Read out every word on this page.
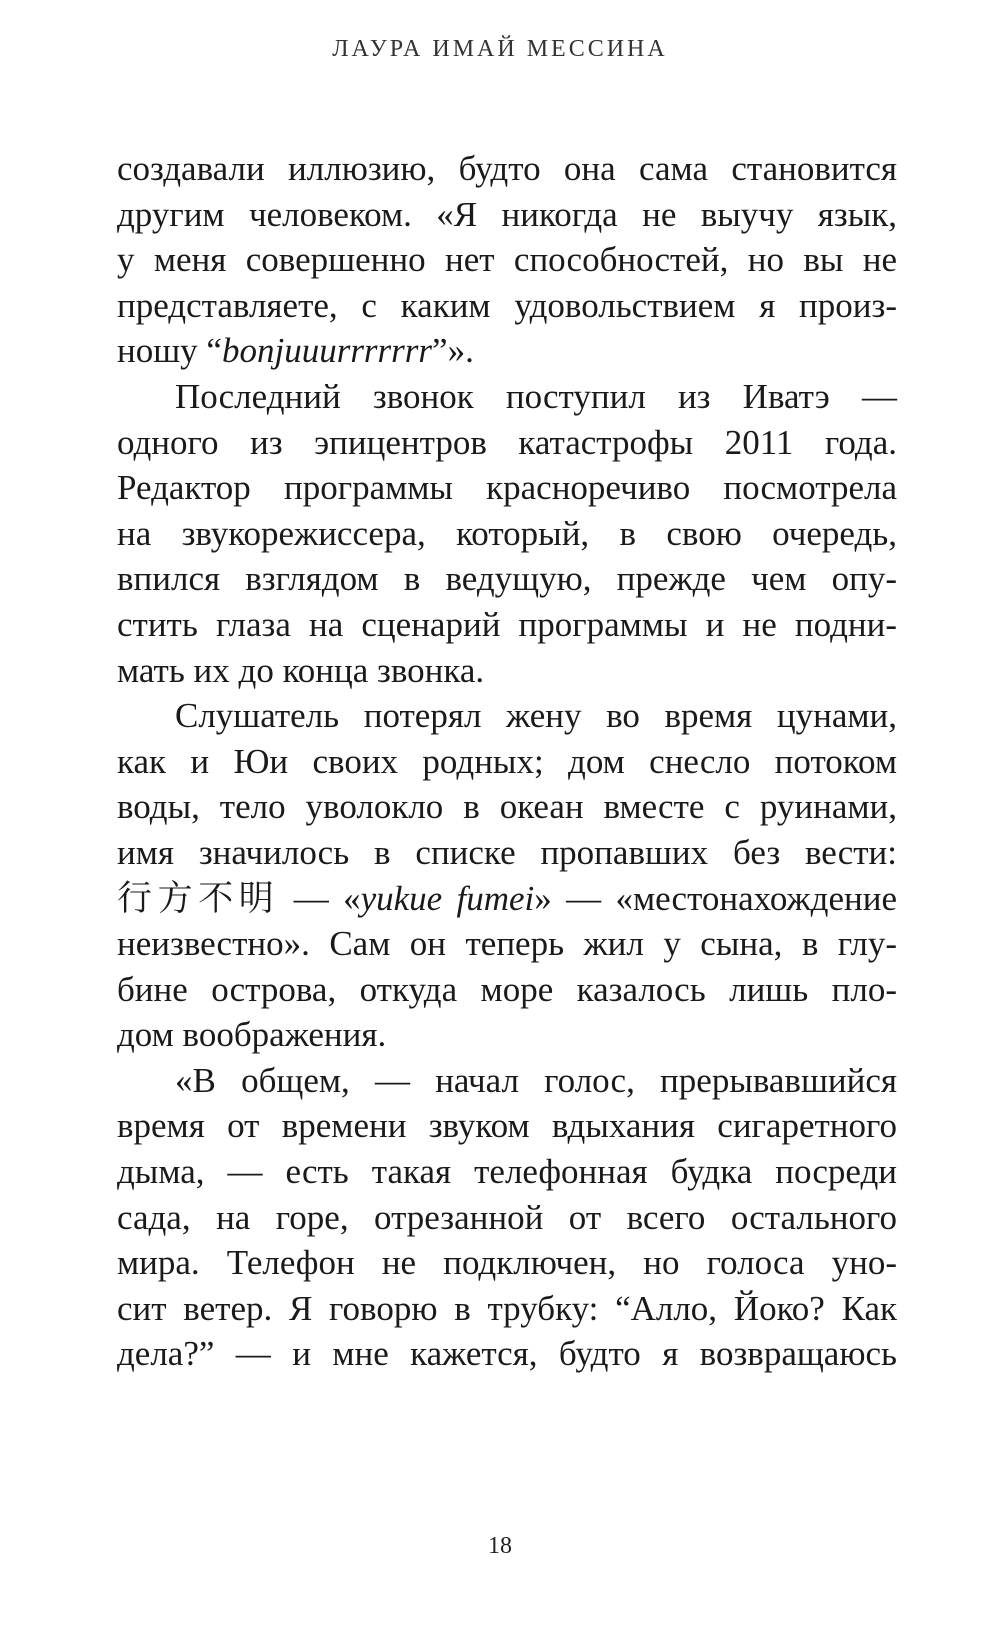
ЛАУРА ИМАЙ МЕССИНА
создавали иллюзию, будто она сама становится
другим человеком. «Я никогда не выучу язык,
у меня совершенно нет способностей, но вы не
представляете, с каким удовольствием я произ-
ношу “bonjuuurrrrrrr”».
Последний звонок поступил из Иватэ —
одного из эпицентров катастрофы 2011 года.
Редактор программы красноречиво посмотрела
на звукорежиссера, который, в свою очередь,
впился взглядом в ведущую, прежде чем опу-
стить глаза на сценарий программы и не подни-
мать их до конца звонка.
Слушатель потерял жену во время цунами,
как и Юи своих родных; дом снесло потоком
воды, тело уволокло в океан вместе с руинами,
имя значилось в списке пропавших без вести:
行方不明 — «yukue fumei» — «местонахождение
неизвестно». Сам он теперь жил у сына, в глу-
бине острова, откуда море казалось лишь пло-
дом воображения.
«В общем, — начал голос, прерывавшийся
время от времени звуком вдыхания сигаретного
дыма, — есть такая телефонная будка посреди
сада, на горе, отрезанной от всего остального
мира. Телефон не подключен, но голоса уно-
сит ветер. Я говорю в трубку: “Алло, Йоко? Как
дела?” — и мне кажется, будто я возвращаюсь
18
